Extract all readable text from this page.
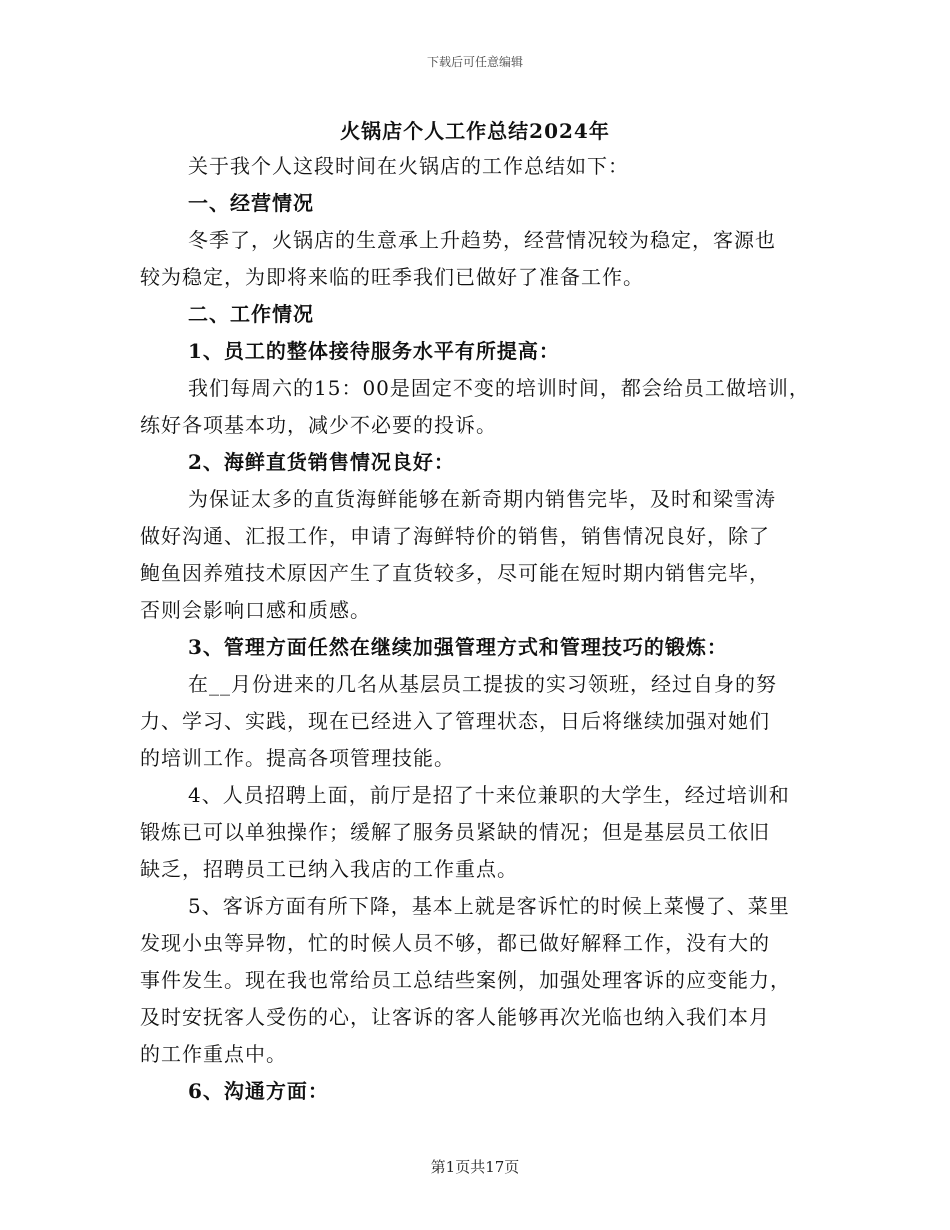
下载后可任意编辑
火锅店个人工作总结2024年
关于我个人这段时间在火锅店的工作总结如下：
一、经营情况
冬季了，火锅店的生意承上升趋势，经营情况较为稳定，客源也
较为稳定，为即将来临的旺季我们已做好了准备工作。
二、工作情况
1、员工的整体接待服务水平有所提高：
我们每周六的15：00是固定不变的培训时间，都会给员工做培训，
练好各项基本功，减少不必要的投诉。
2、海鲜直货销售情况良好：
为保证太多的直货海鲜能够在新奇期内销售完毕，及时和梁雪涛
做好沟通、汇报工作，申请了海鲜特价的销售，销售情况良好，除了
鲍鱼因养殖技术原因产生了直货较多，尽可能在短时期内销售完毕，
否则会影响口感和质感。
3、管理方面任然在继续加强管理方式和管理技巧的锻炼：
在__月份进来的几名从基层员工提拔的实习领班，经过自身的努
力、学习、实践，现在已经进入了管理状态，日后将继续加强对她们
的培训工作。提高各项管理技能。
4、人员招聘上面，前厅是招了十来位兼职的大学生，经过培训和
锻炼已可以单独操作；缓解了服务员紧缺的情况；但是基层员工依旧
缺乏，招聘员工已纳入我店的工作重点。
5、客诉方面有所下降，基本上就是客诉忙的时候上菜慢了、菜里
发现小虫等异物，忙的时候人员不够，都已做好解释工作，没有大的
事件发生。现在我也常给员工总结些案例，加强处理客诉的应变能力，
及时安抚客人受伤的心，让客诉的客人能够再次光临也纳入我们本月
的工作重点中。
6、沟通方面：
第1页共17页
